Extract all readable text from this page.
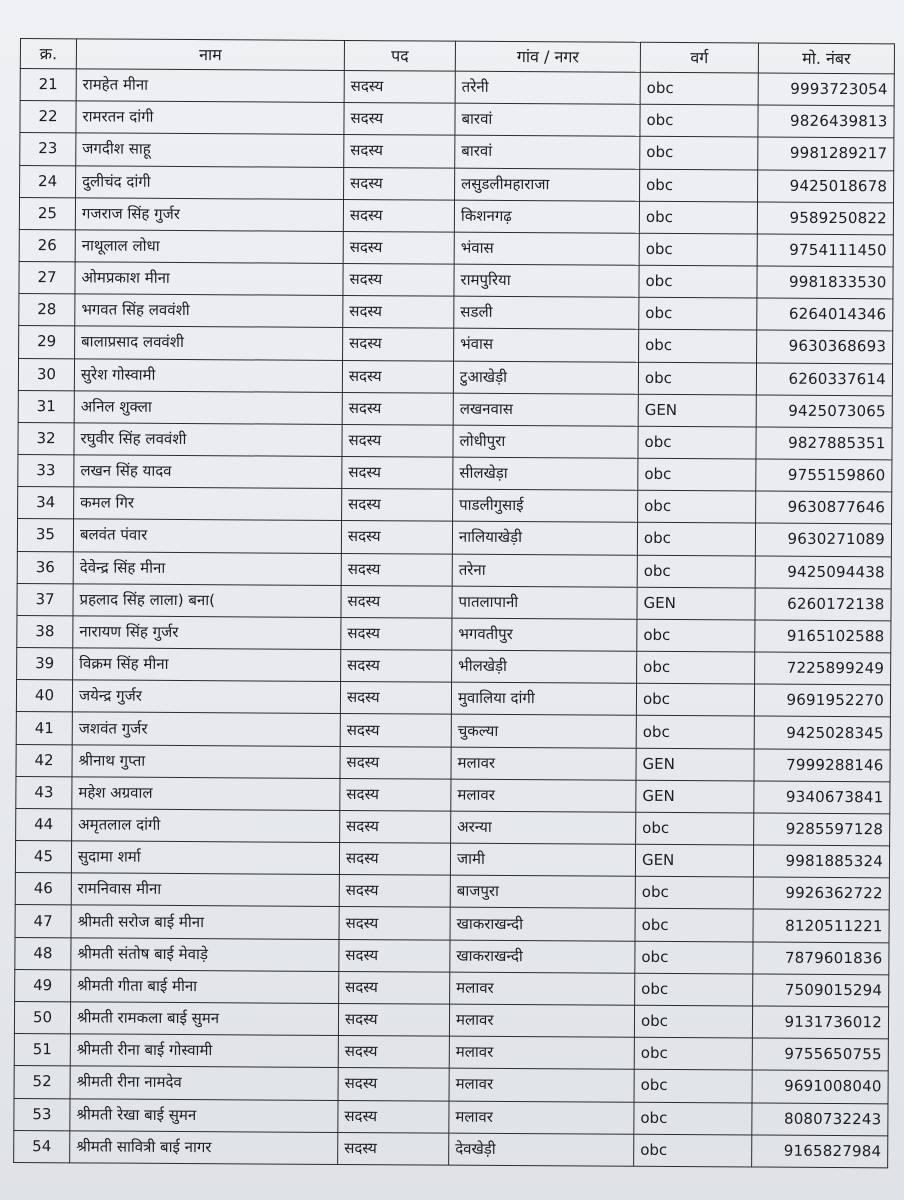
क्र.	नाम	पद	गांव / नगर	वर्ग	मो. नंबर
21	रामहेत मीना	सदस्य	तरेनी	obc	9993723054
22	रामरतन दांगी	सदस्य	बारवां	obc	9826439813
23	जगदीश साहू	सदस्य	बारवां	obc	9981289217
24	दुलीचंद दांगी	सदस्य	लसुडलीमहाराजा	obc	9425018678
25	गजराज सिंह गुर्जर	सदस्य	किशनगढ़	obc	9589250822
26	नाथूलाल लोधा	सदस्य	भंवास	obc	9754111450
27	ओमप्रकाश मीना	सदस्य	रामपुरिया	obc	9981833530
28	भगवत सिंह लववंशी	सदस्य	सडली	obc	6264014346
29	बालाप्रसाद लववंशी	सदस्य	भंवास	obc	9630368693
30	सुरेश गोस्वामी	सदस्य	टुआखेड़ी	obc	6260337614
31	अनिल शुक्ला	सदस्य	लखनवास	GEN	9425073065
32	रघुवीर सिंह लववंशी	सदस्य	लोधीपुरा	obc	9827885351
33	लखन सिंह यादव	सदस्य	सीलखेड़ा	obc	9755159860
34	कमल गिर	सदस्य	पाडलीगुसाई	obc	9630877646
35	बलवंत पंवार	सदस्य	नालियाखेड़ी	obc	9630271089
36	देवेन्द्र सिंह मीना	सदस्य	तरेना	obc	9425094438
37	प्रहलाद सिंह लाला) बना(	सदस्य	पातलापानी	GEN	6260172138
38	नारायण सिंह गुर्जर	सदस्य	भगवतीपुर	obc	9165102588
39	विक्रम सिंह मीना	सदस्य	भीलखेड़ी	obc	7225899249
40	जयेन्द्र गुर्जर	सदस्य	मुवालिया दांगी	obc	9691952270
41	जशवंत गुर्जर	सदस्य	चुकल्या	obc	9425028345
42	श्रीनाथ गुप्ता	सदस्य	मलावर	GEN	7999288146
43	महेश अग्रवाल	सदस्य	मलावर	GEN	9340673841
44	अमृतलाल दांगी	सदस्य	अरन्या	obc	9285597128
45	सुदामा शर्मा	सदस्य	जामी	GEN	9981885324
46	रामनिवास मीना	सदस्य	बाजपुरा	obc	9926362722
47	श्रीमती सरोज बाई मीना	सदस्य	खाकराखन्दी	obc	8120511221
48	श्रीमती संतोष बाई मेवाड़े	सदस्य	खाकराखन्दी	obc	7879601836
49	श्रीमती गीता बाई मीना	सदस्य	मलावर	obc	7509015294
50	श्रीमती रामकला बाई सुमन	सदस्य	मलावर	obc	9131736012
51	श्रीमती रीना बाई गोस्वामी	सदस्य	मलावर	obc	9755650755
52	श्रीमती रीना नामदेव	सदस्य	मलावर	obc	9691008040
53	श्रीमती रेखा बाई सुमन	सदस्य	मलावर	obc	8080732243
54	श्रीमती सावित्री बाई नागर	सदस्य	देवखेड़ी	obc	9165827984
